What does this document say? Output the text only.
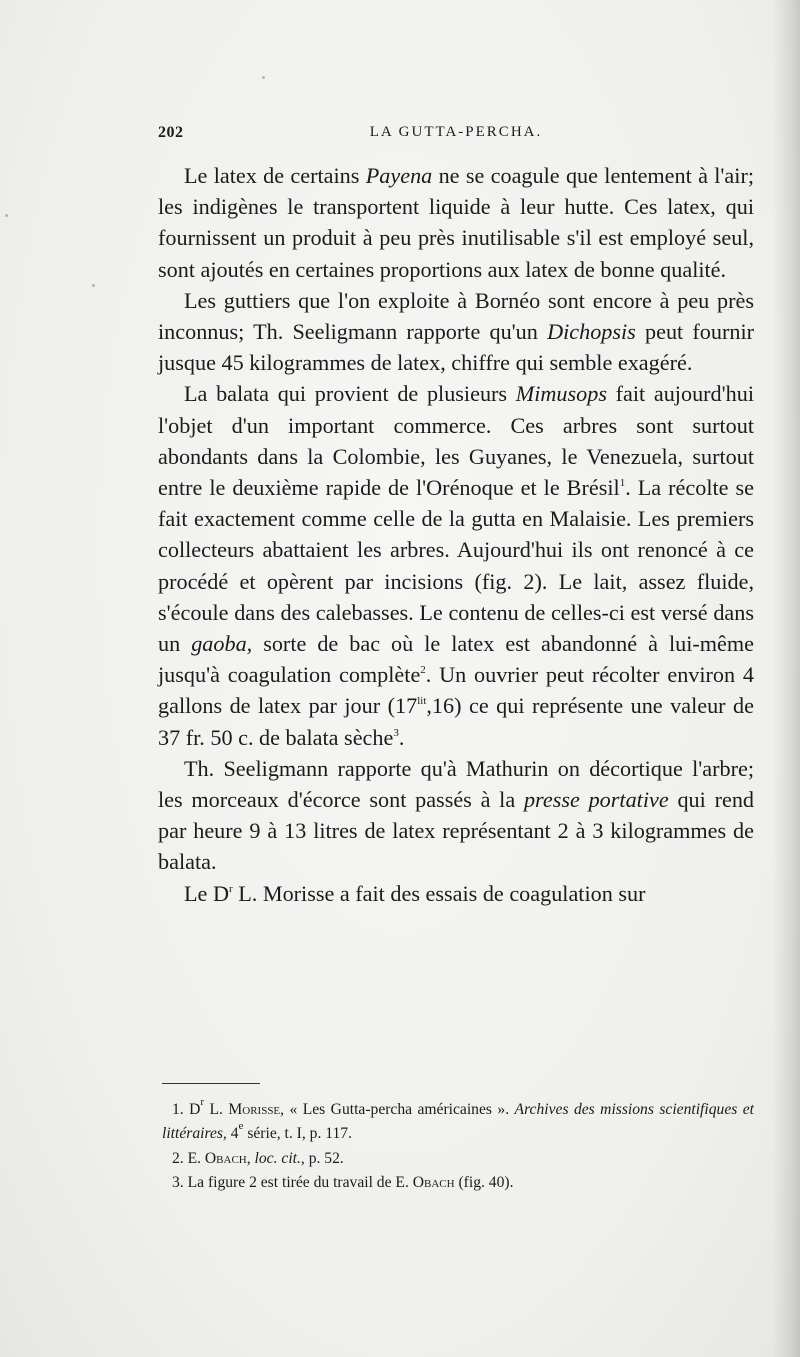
202	LA GUTTA-PERCHA.

Le latex de certains Payena ne se coagule que lentement à l'air; les indigènes le transportent liquide à leur hutte. Ces latex, qui fournissent un produit à peu près inutilisable s'il est employé seul, sont ajoutés en certaines proportions aux latex de bonne qualité.

Les guttiers que l'on exploite à Bornéo sont encore à peu près inconnus; Th. Seeligmann rapporte qu'un Dichopsis peut fournir jusque 45 kilogrammes de latex, chiffre qui semble exagéré.

La balata qui provient de plusieurs Mimusops fait aujourd'hui l'objet d'un important commerce. Ces arbres sont surtout abondants dans la Colombie, les Guyanes, le Venezuela, surtout entre le deuxième rapide de l'Orénoque et le Brésil$^1$. La récolte se fait exactement comme celle de la gutta en Malaisie. Les premiers collecteurs abattaient les arbres. Aujourd'hui ils ont renoncé à ce procédé et opèrent par incisions (fig. 2). Le lait, assez fluide, s'écoule dans des calebasses. Le contenu de celles-ci est versé dans un gaoba, sorte de bac où le latex est abandonné à lui-même jusqu'à coagulation complète$^2$. Un ouvrier peut récolter environ 4 gallons de latex par jour $(17^{lit},16)$ ce qui représente une valeur de 37 fr. 50 c. de balata sèche$^3$.

Th. Seeligmann rapporte qu'à Mathurin on décortique l'arbre; les morceaux d'écorce sont passés à la presse portative qui rend par heure 9 à 13 litres de latex représentant 2 à 3 kilogrammes de balata.

Le $D^r$ L. Morisse a fait des essais de coagulation sur

1. $D^r$ L. Morisse, « Les Gutta-percha américaines ». Archives des missions scientifiques et littéraires, 4e série, t. I, p. 117.

2. E. Obach, loc. cit., p. 52.

3. La figure 2 est tirée du travail de E. Obach (fig. 40).
